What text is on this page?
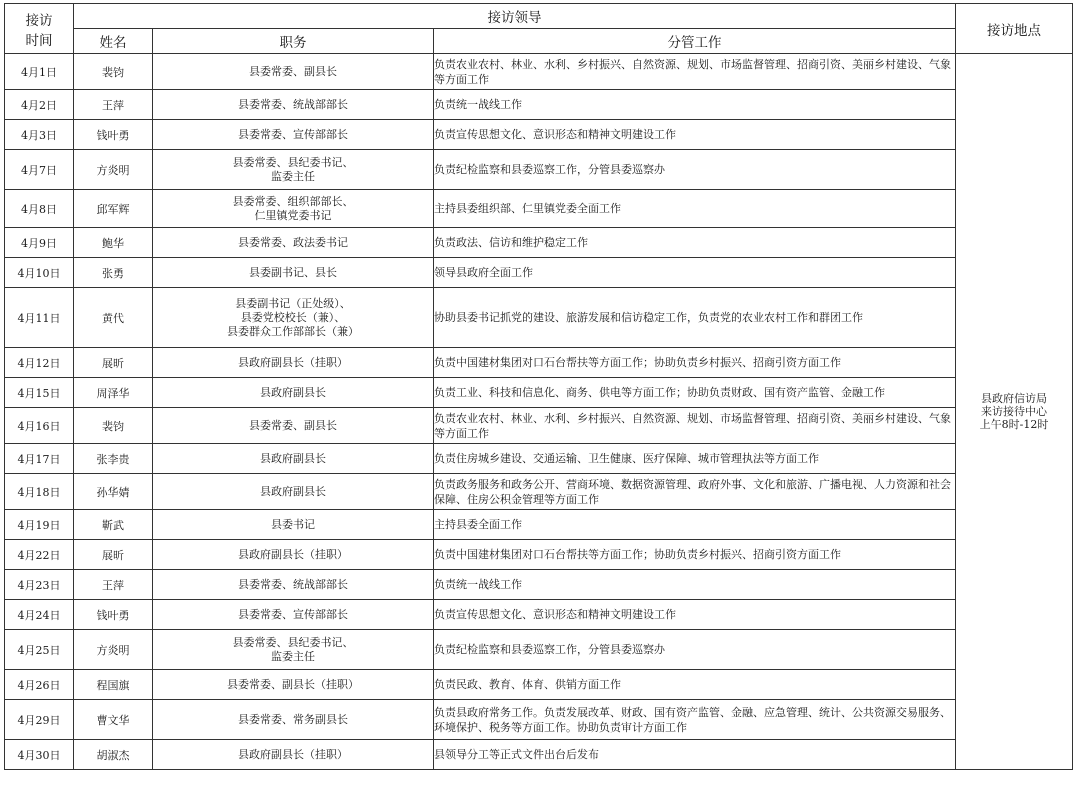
接访
时间	接访领导			接访地点
	姓名	职务	分管工作	
4月1日	裴钧	县委常委、副县长	负责农业农村、林业、水利、乡村振兴、自然资源、规划、市场监督管理、招商引资、美丽乡村建设、气象等方面工作	县政府信访局
来访接待中心
上午8时-12时
4月2日	王萍	县委常委、统战部部长	负责统一战线工作	
4月3日	钱叶勇	县委常委、宣传部部长	负责宣传思想文化、意识形态和精神文明建设工作	
4月7日	方炎明	县委常委、县纪委书记、
监委主任	负责纪检监察和县委巡察工作，分管县委巡察办	
4月8日	邱军辉	县委常委、组织部部长、
仁里镇党委书记	主持县委组织部、仁里镇党委全面工作	
4月9日	鲍华	县委常委、政法委书记	负责政法、信访和维护稳定工作	
4月10日	张勇	县委副书记、县长	领导县政府全面工作	
4月11日	黄代	县委副书记（正处级）、
县委党校校长（兼）、
县委群众工作部部长（兼）	协助县委书记抓党的建设、旅游发展和信访稳定工作，负责党的农业农村工作和群团工作	
4月12日	展昕	县政府副县长（挂职）	负责中国建材集团对口石台帮扶等方面工作；协助负责乡村振兴、招商引资方面工作	
4月15日	周泽华	县政府副县长	负责工业、科技和信息化、商务、供电等方面工作；协助负责财政、国有资产监管、金融工作	
4月16日	裴钧	县委常委、副县长	负责农业农村、林业、水利、乡村振兴、自然资源、规划、市场监督管理、招商引资、美丽乡村建设、气象等方面工作	
4月17日	张李贵	县政府副县长	负责住房城乡建设、交通运输、卫生健康、医疗保障、城市管理执法等方面工作	
4月18日	孙华婧	县政府副县长	负责政务服务和政务公开、营商环境、数据资源管理、政府外事、文化和旅游、广播电视、人力资源和社会保障、住房公积金管理等方面工作	
4月19日	靳武	县委书记	主持县委全面工作	
4月22日	展昕	县政府副县长（挂职）	负责中国建材集团对口石台帮扶等方面工作；协助负责乡村振兴、招商引资方面工作	
4月23日	王萍	县委常委、统战部部长	负责统一战线工作	
4月24日	钱叶勇	县委常委、宣传部部长	负责宣传思想文化、意识形态和精神文明建设工作	
4月25日	方炎明	县委常委、县纪委书记、
监委主任	负责纪检监察和县委巡察工作，分管县委巡察办	
4月26日	程国旗	县委常委、副县长（挂职）	负责民政、教育、体育、供销方面工作	
4月29日	曹文华	县委常委、常务副县长	负责县政府常务工作。负责发展改革、财政、国有资产监管、金融、应急管理、统计、公共资源交易服务、环境保护、税务等方面工作。协助负责审计方面工作	
4月30日	胡淑杰	县政府副县长（挂职）	县领导分工等正式文件出台后发布	
